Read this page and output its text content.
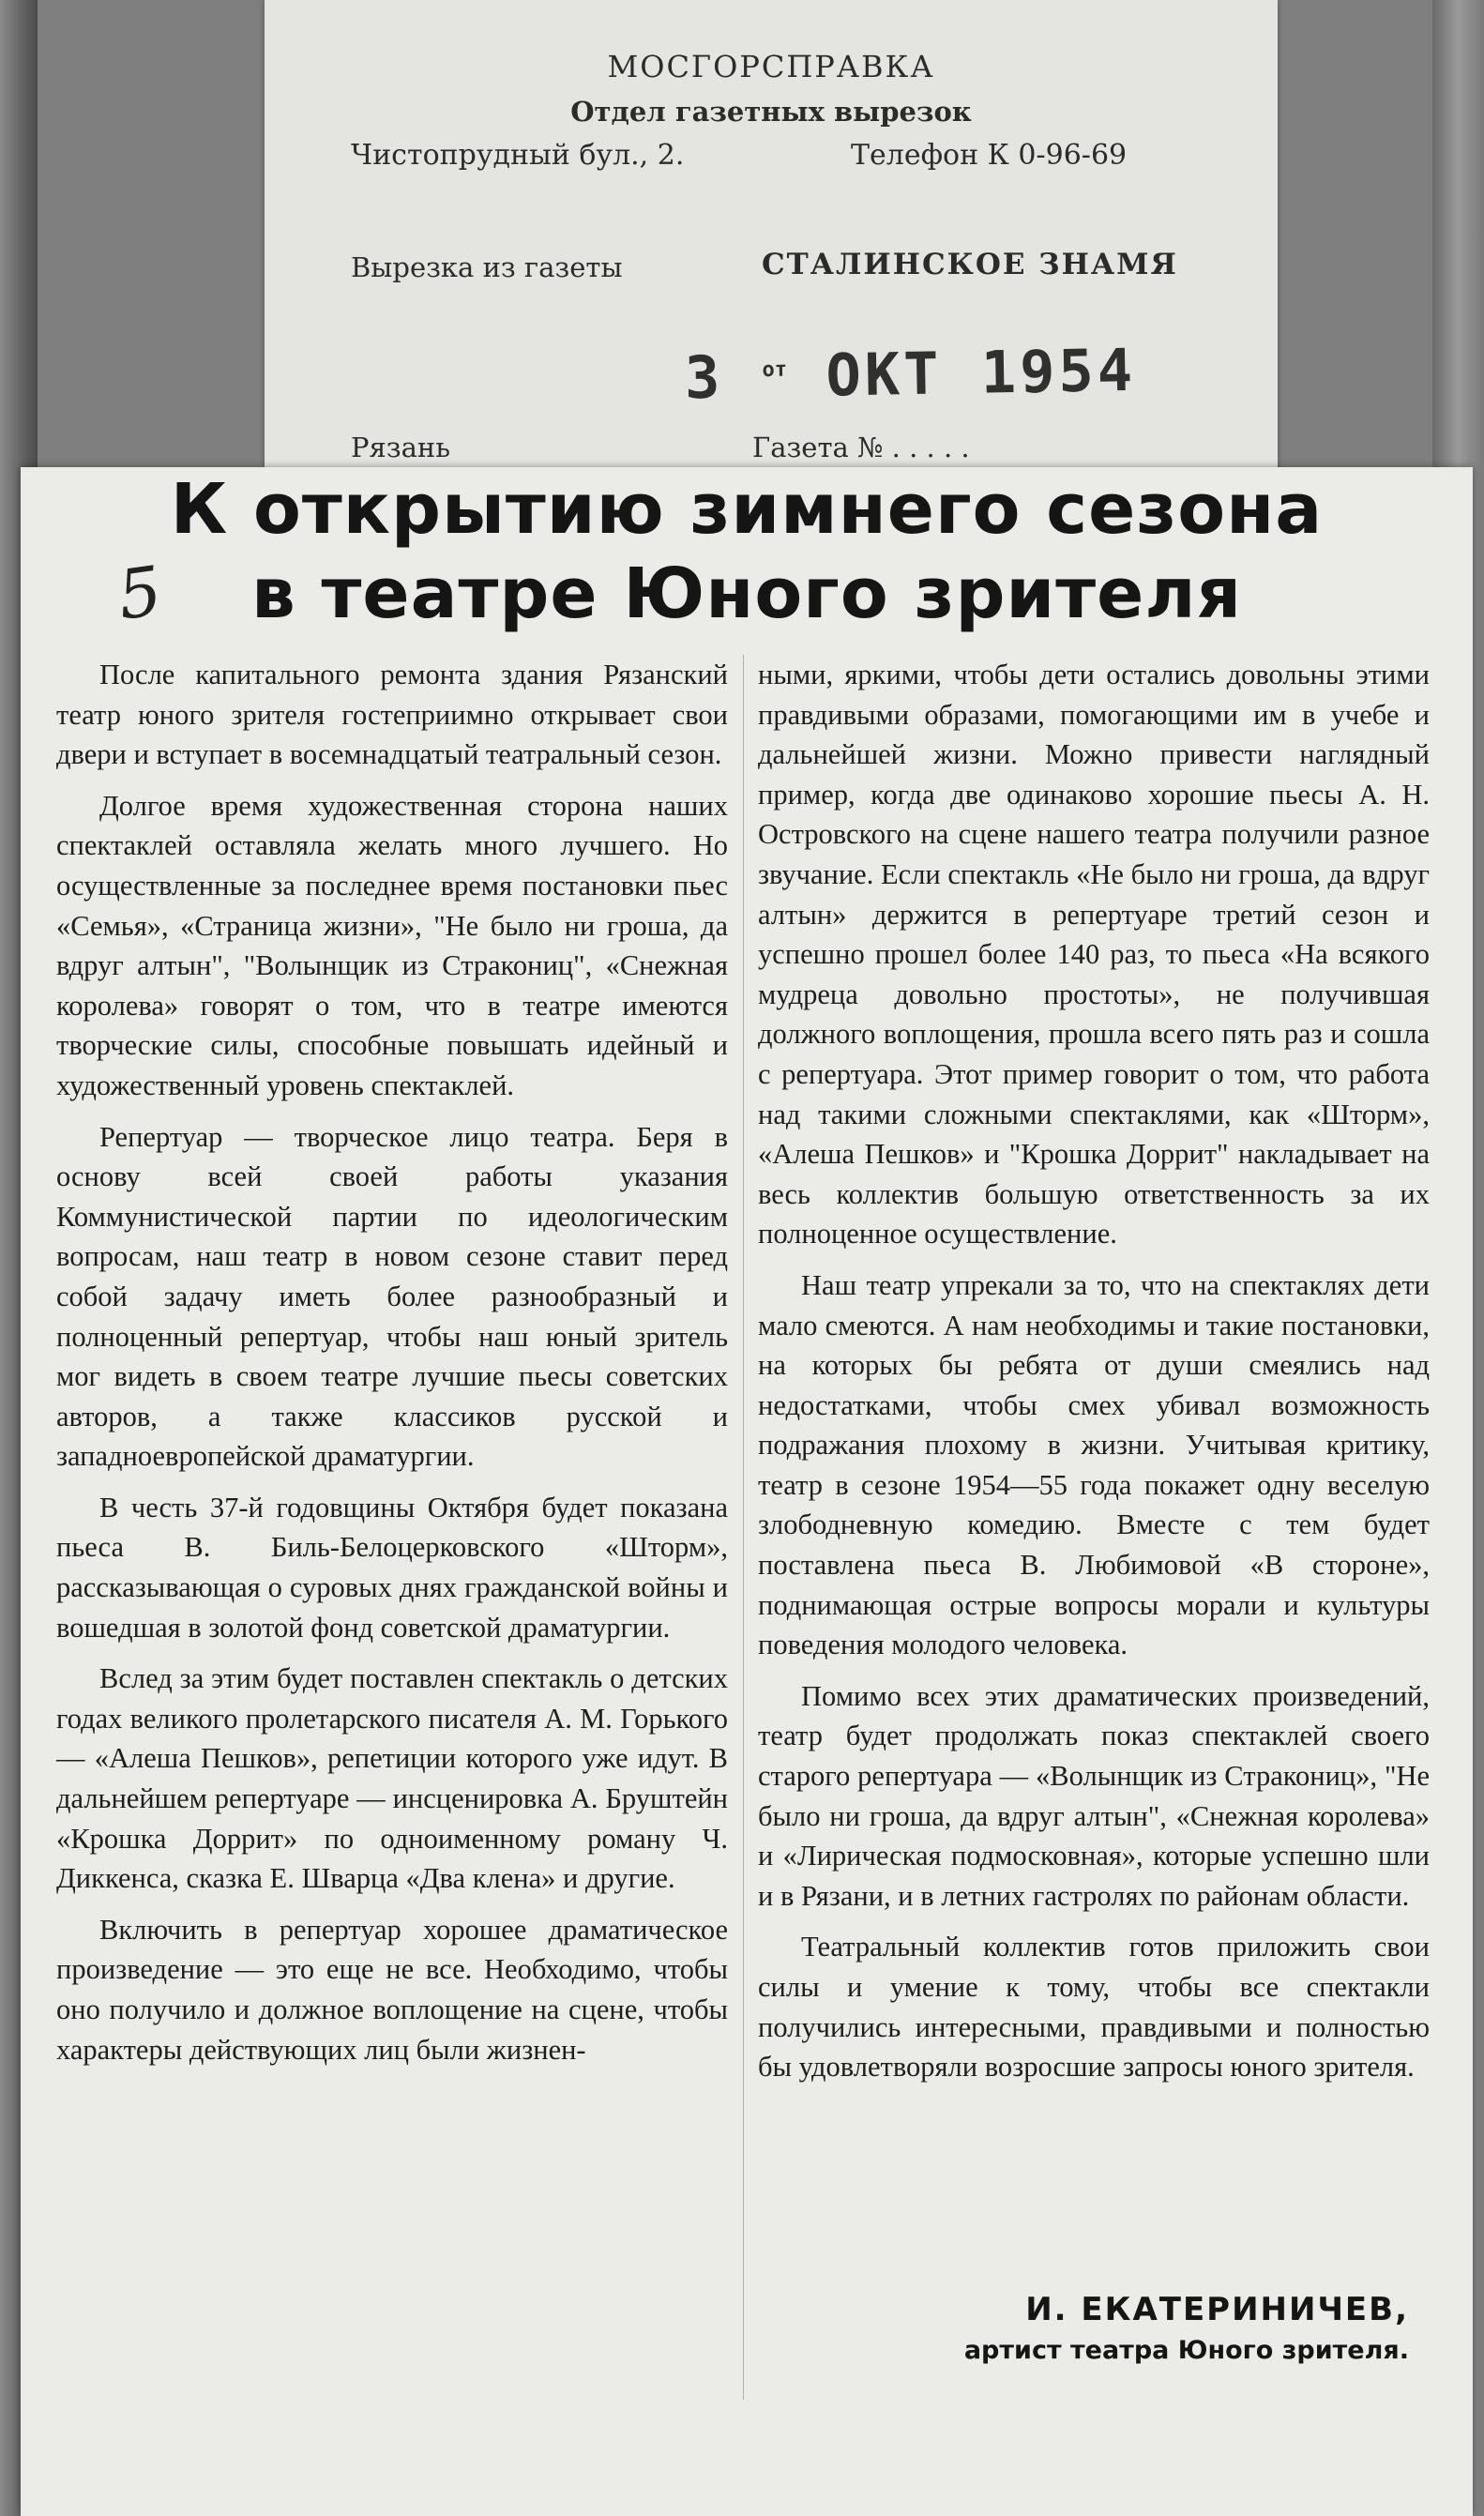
МОСГОРСПРАВКА
Отдел газетных вырезок
Чистопрудный бул., 2.	Телефон К 0-96-69
Вырезка из газеты	СТАЛИНСКОЕ ЗНАМЯ
3 $^{от}$ ОКТ 1954
Рязань	Газета № . . . . .
К открытию зимнего сезона
в театре Юного зрителя
5

После капитального ремонта здания Рязанский театр юного зрителя гостеприимно открывает свои двери и вступает в восемнадцатый театральный сезон.

Долгое время художественная сторона наших спектаклей оставляла желать много лучшего. Но осуществленные за последнее время постановки пьес «Семья», «Страница жизни», "Не было ни гроша, да вдруг алтын", "Волынщик из Стракониц", «Снежная королева» говорят о том, что в театре имеются творческие силы, способные повышать идейный и художественный уровень спектаклей.

Репертуар — творческое лицо театра. Беря в основу всей своей работы указания Коммунистической партии по идеологическим вопросам, наш театр в новом сезоне ставит перед собой задачу иметь более разнообразный и полноценный репертуар, чтобы наш юный зритель мог видеть в своем театре лучшие пьесы советских авторов, а также классиков русской и западноевропейской драматургии.

В честь 37-й годовщины Октября будет показана пьеса В. Биль-Белоцерковского «Шторм», рассказывающая о суровых днях гражданской войны и вошедшая в золотой фонд советской драматургии.

Вслед за этим будет поставлен спектакль о детских годах великого пролетарского писателя А. М. Горького — «Алеша Пешков», репетиции которого уже идут. В дальнейшем репертуаре — инсценировка А. Бруштейн «Крошка Доррит» по одноименному роману Ч. Диккенса, сказка Е. Шварца «Два клена» и другие.

Включить в репертуар хорошее драматическое произведение — это еще не все. Необходимо, чтобы оно получило и должное воплощение на сцене, чтобы характеры действующих лиц были жизнен-

ными, яркими, чтобы дети остались довольны этими правдивыми образами, помогающими им в учебе и дальнейшей жизни. Можно привести наглядный пример, когда две одинаково хорошие пьесы А. Н. Островского на сцене нашего театра получили разное звучание. Если спектакль «Не было ни гроша, да вдруг алтын» держится в репертуаре третий сезон и успешно прошел более 140 раз, то пьеса «На всякого мудреца довольно простоты», не получившая должного воплощения, прошла всего пять раз и сошла с репертуара. Этот пример говорит о том, что работа над такими сложными спектаклями, как «Шторм», «Алеша Пешков» и "Крошка Доррит" накладывает на весь коллектив большую ответственность за их полноценное осуществление.

Наш театр упрекали за то, что на спектаклях дети мало смеются. А нам необходимы и такие постановки, на которых бы ребята от души смеялись над недостатками, чтобы смех убивал возможность подражания плохому в жизни. Учитывая критику, театр в сезоне 1954—55 года покажет одну веселую злободневную комедию. Вместе с тем будет поставлена пьеса В. Любимовой «В стороне», поднимающая острые вопросы морали и культуры поведения молодого человека.

Помимо всех этих драматических произведений, театр будет продолжать показ спектаклей своего старого репертуара — «Волынщик из Стракониц», "Не было ни гроша, да вдруг алтын", «Снежная королева» и «Лирическая подмосковная», которые успешно шли и в Рязани, и в летних гастролях по районам области.

Театральный коллектив готов приложить свои силы и умение к тому, чтобы все спектакли получились интересными, правдивыми и полностью бы удовлетворяли возросшие запросы юного зрителя.

И. ЕКАТЕРИНИЧЕВ,
артист театра Юного зрителя.
